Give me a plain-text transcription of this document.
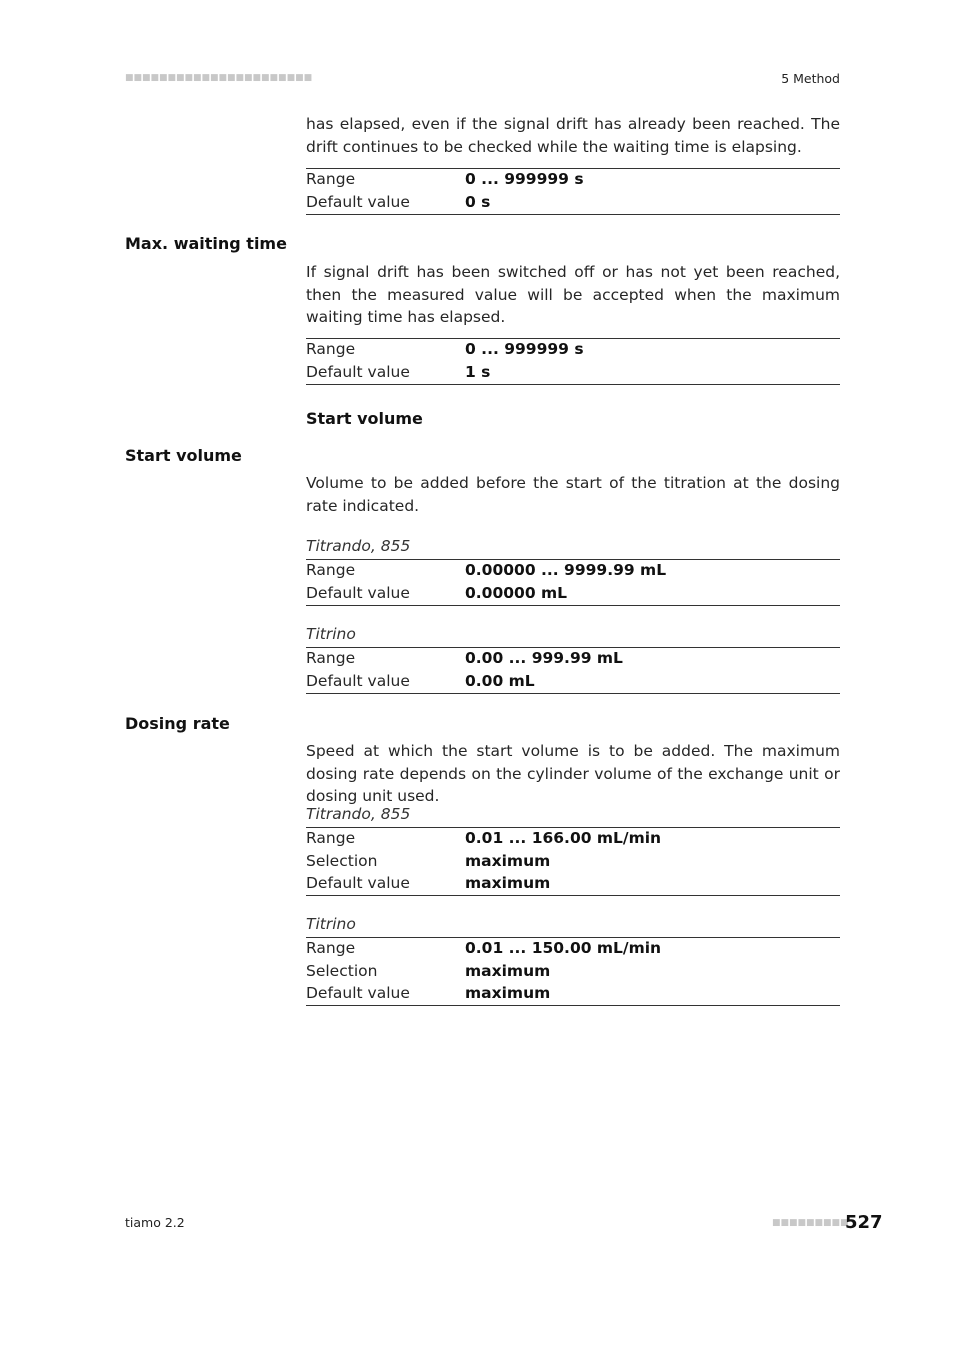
■■■■■■■■■■■■■■■■■■■■■■	5 Method
has elapsed, even if the signal drift has already been reached. The drift continues to be checked while the waiting time is elapsing.
Range	0 ... 999999 s
Default value	0 s
Max. waiting time
If signal drift has been switched off or has not yet been reached, then the measured value will be accepted when the maximum waiting time has elapsed.
Range	0 ... 999999 s
Default value	1 s
Start volume
Start volume
Volume to be added before the start of the titration at the dosing rate indicated.
Titrando, 855
Range	0.00000 ... 9999.99 mL
Default value	0.00000 mL
Titrino
Range	0.00 ... 999.99 mL
Default value	0.00 mL
Dosing rate
Speed at which the start volume is to be added. The maximum dosing rate depends on the cylinder volume of the exchange unit or dosing unit used.
Titrando, 855
Range	0.01 ... 166.00 mL/min
Selection	maximum
Default value	maximum
Titrino
Range	0.01 ... 150.00 mL/min
Selection	maximum
Default value	maximum
tiamo 2.2	■■■■■■■■■
527
